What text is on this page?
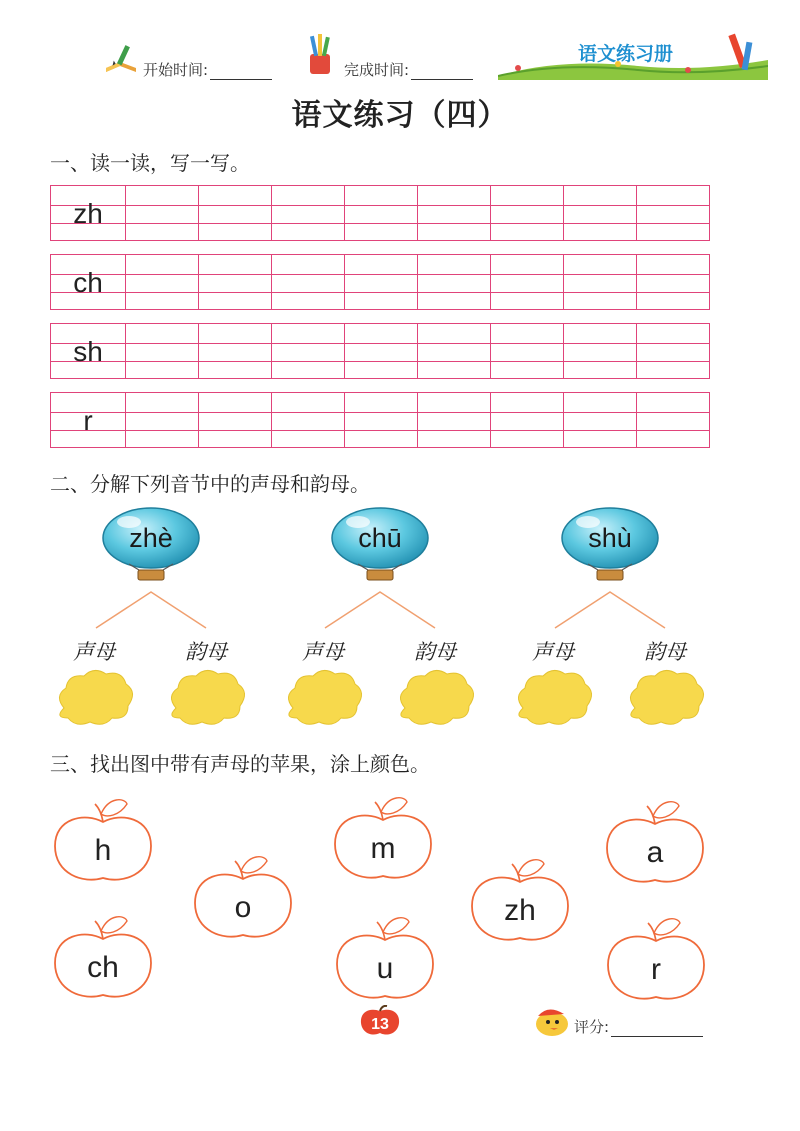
开始时间:	完成时间:
语文练习册
语文练习（四）
一、读一读，写一写。
zh
ch
sh
r
二、分解下列音节中的声母和韵母。
zhè	chū	shù
声母	韵母	声母	韵母	声母	韵母
三、找出图中带有声母的苹果，涂上颜色。
h	m	a
o	zh
ch	u	r
13	评分:
